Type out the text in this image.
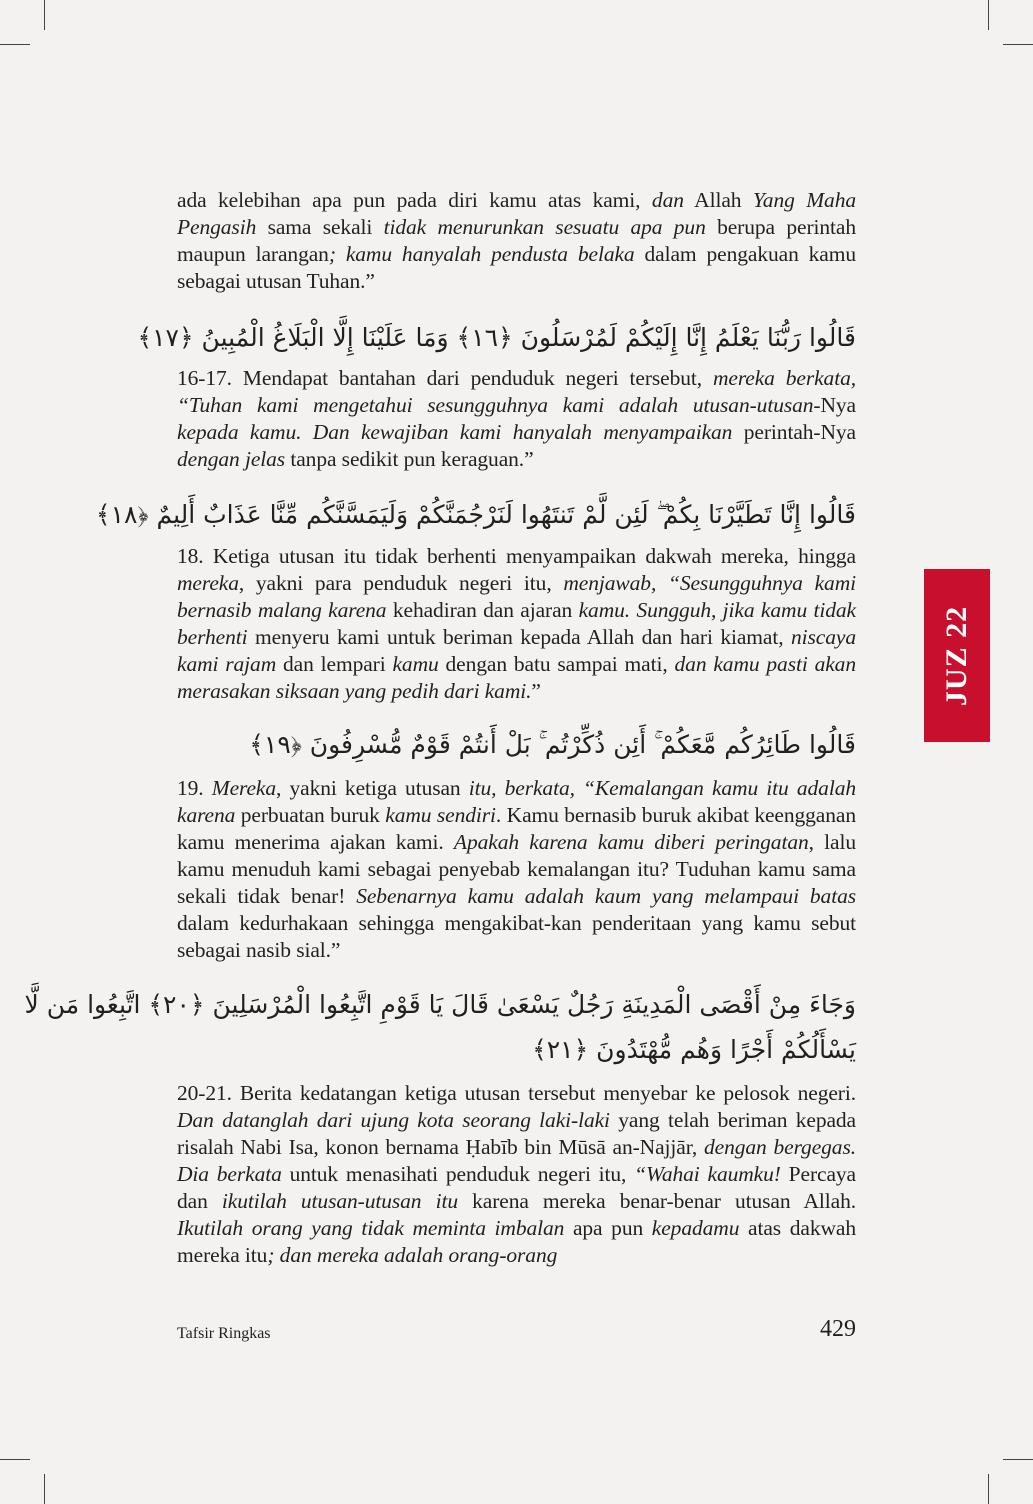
ada kelebihan apa pun pada diri kamu atas kami, dan Allah Yang Maha Pengasih sama sekali tidak menurunkan sesuatu apa pun berupa perintah maupun larangan; kamu hanyalah pendusta belaka dalam pengakuan kamu sebagai utusan Tuhan.”
قَالُوا رَبُّنَا يَعْلَمُ إِنَّا إِلَيْكُمْ لَمُرْسَلُونَ ﴿١٦﴾ وَمَا عَلَيْنَا إِلَّا الْبَلَاغُ الْمُبِينُ ﴿١٧﴾
16-17. Mendapat bantahan dari penduduk negeri tersebut, mereka berkata, “Tuhan kami mengetahui sesungguhnya kami adalah utusan-utusan-Nya kepada kamu. Dan kewajiban kami hanyalah menyampaikan perintah-Nya dengan jelas tanpa sedikit pun keraguan.”
قَالُوا إِنَّا تَطَيَّرْنَا بِكُمْ ۖ لَئِن لَّمْ تَنتَهُوا لَنَرْجُمَنَّكُمْ وَلَيَمَسَّنَّكُم مِّنَّا عَذَابٌ أَلِيمٌ ﴿١٨﴾
18. Ketiga utusan itu tidak berhenti menyampaikan dakwah mereka, hingga mereka, yakni para penduduk negeri itu, menjawab, “Sesungguhnya kami bernasib malang karena kehadiran dan ajaran kamu. Sungguh, jika kamu tidak berhenti menyeru kami untuk beriman kepada Allah dan hari kiamat, niscaya kami rajam dan lempari kamu dengan batu sampai mati, dan kamu pasti akan merasakan siksaan yang pedih dari kami.”
قَالُوا طَائِرُكُم مَّعَكُمْ ۚ أَئِن ذُكِّرْتُم ۚ بَلْ أَنتُمْ قَوْمٌ مُّسْرِفُونَ ﴿١٩﴾
19. Mereka, yakni ketiga utusan itu, berkata, “Kemalangan kamu itu adalah karena perbuatan buruk kamu sendiri. Kamu bernasib buruk akibat keengganan kamu menerima ajakan kami. Apakah karena kamu diberi peringatan, lalu kamu menuduh kami sebagai penyebab kemalangan itu? Tuduhan kamu sama sekali tidak benar! Sebenarnya kamu adalah kaum yang melampaui batas dalam kedurhakaan sehingga mengakibat-kan penderitaan yang kamu sebut sebagai nasib sial.”
وَجَاءَ مِنْ أَقْصَى الْمَدِينَةِ رَجُلٌ يَسْعَىٰ قَالَ يَا قَوْمِ اتَّبِعُوا الْمُرْسَلِينَ ﴿٢٠﴾ اتَّبِعُوا مَن لَّا
يَسْأَلُكُمْ أَجْرًا وَهُم مُّهْتَدُونَ ﴿٢١﴾
20-21. Berita kedatangan ketiga utusan tersebut menyebar ke pelosok negeri. Dan datanglah dari ujung kota seorang laki-laki yang telah beriman kepada risalah Nabi Isa, konon bernama Ḥabīb bin Mūsā an-Najjār, dengan bergegas. Dia berkata untuk menasihati penduduk negeri itu, “Wahai kaumku! Percaya dan ikutilah utusan-utusan itu karena mereka benar-benar utusan Allah. Ikutilah orang yang tidak meminta imbalan apa pun kepadamu atas dakwah mereka itu; dan mereka adalah orang-orang
JUZ 22
Tafsir Ringkas	429
